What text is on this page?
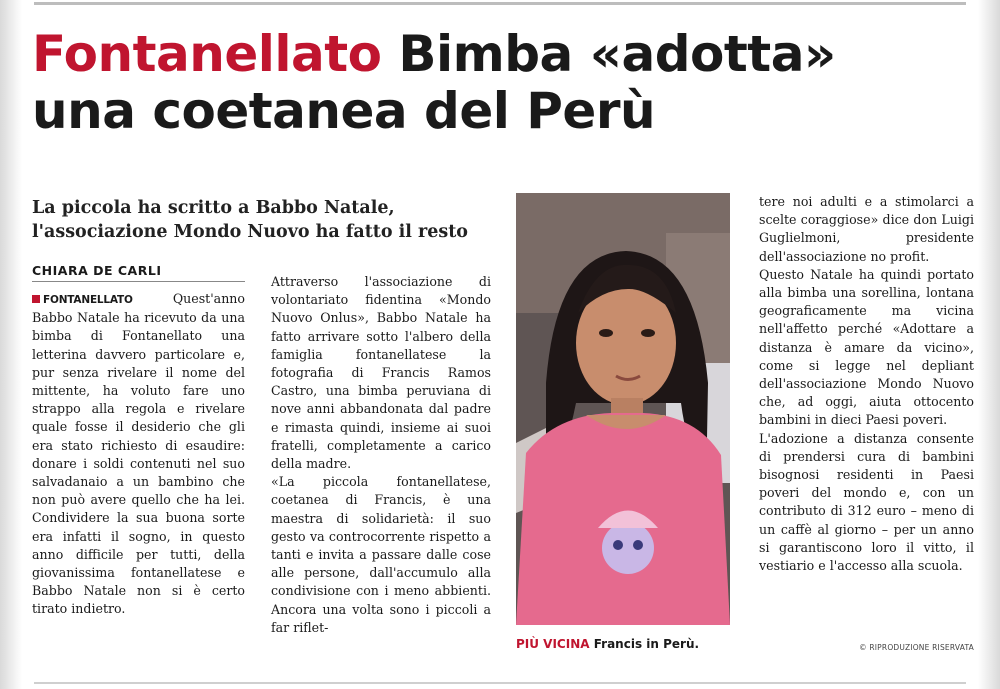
Fontanellato Bimba «adotta»
una coetanea del Perù
La piccola ha scritto a Babbo Natale, l'associazione Mondo Nuovo ha fatto il resto
CHIARA DE CARLI

FONTANELLATO	Quest'anno Babbo Natale ha ricevuto da una bimba di Fontanellato una letterina davvero particolare e, pur senza rivelare il nome del mittente, ha voluto fare uno strappo alla regola e rivelare quale fosse il desiderio che gli era stato richiesto di esaudire: donare i soldi contenuti nel suo salvadanaio a un bambino che non può avere quello che ha lei. Condividere la sua buona sorte era infatti il sogno, in questo anno difficile per tutti, della giovanissima fontanellatese e Babbo Natale non si è certo tirato indietro.

Attraverso l'associazione di volontariato fidentina «Mondo Nuovo Onlus», Babbo Natale ha fatto arrivare sotto l'albero della famiglia fontanellatese la fotografia di Francis Ramos Castro, una bimba peruviana di nove anni abbandonata dal padre e rimasta quindi, insieme ai suoi fratelli, completamente a carico della madre.

«La piccola fontanellatese, coetanea di Francis, è una maestra di solidarietà: il suo gesto va controcorrente rispetto a tanti e invita a passare dalle cose alle persone, dall'accumulo alla condivisione con i meno abbienti. Ancora una volta sono i piccoli a far riflet-

PIÙ VICINA Francis in Perù.

tere noi adulti e a stimolarci a scelte coraggiose» dice don Luigi Guglielmoni, presidente dell'associazione no profit.

Questo Natale ha quindi portato alla bimba una sorellina, lontana geograficamente ma vicina nell'affetto perché «Adottare a distanza è amare da vicino», come si legge nel depliant dell'associazione Mondo Nuovo che, ad oggi, aiuta ottocento bambini in dieci Paesi poveri.

L'adozione a distanza consente di prendersi cura di bambini bisognosi residenti in Paesi poveri del mondo e, con un contributo di 312 euro – meno di un caffè al giorno – per un anno si garantiscono loro il vitto, il vestiario e l'accesso alla scuola.

© RIPRODUZIONE RISERVATA
